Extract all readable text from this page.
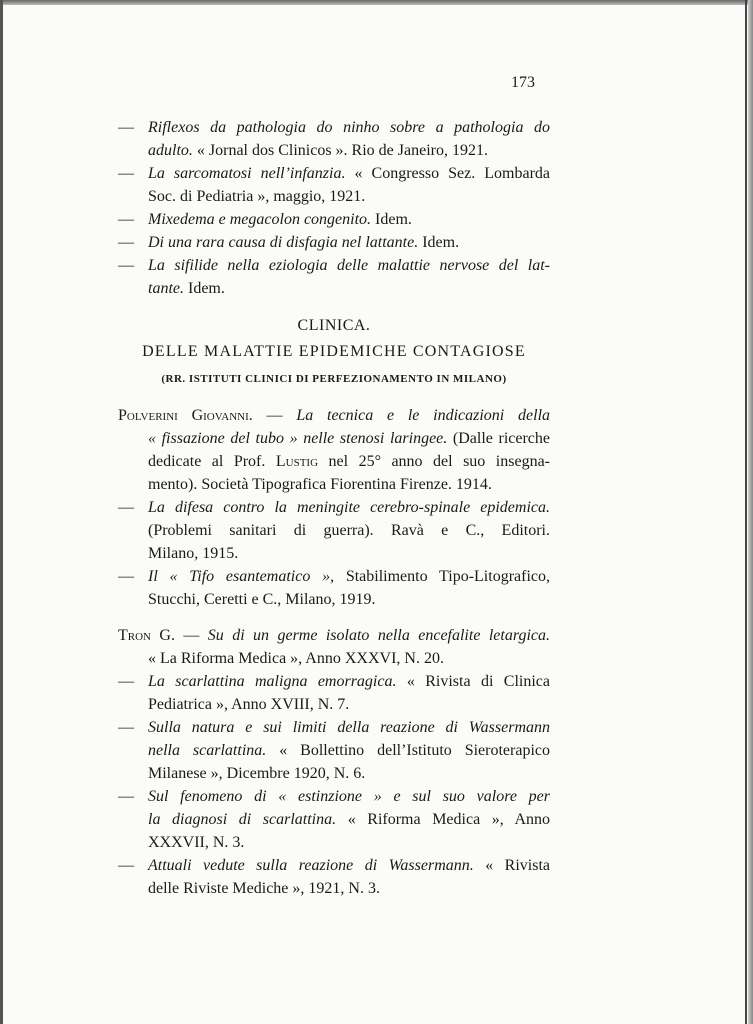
173
— Riflexos da pathologia do ninho sobre a pathologia do
adulto. « Jornal dos Clinicos ». Rio de Janeiro, 1921.
— La sarcomatosi nell’infanzia. « Congresso Sez. Lombarda
Soc. di Pediatria », maggio, 1921.
— Mixedema e megacolon congenito. Idem.
— Di una rara causa di disfagia nel lattante. Idem.
— La sifilide nella eziologia delle malattie nervose del lat-
tante. Idem.
CLINICA.
DELLE MALATTIE EPIDEMICHE CONTAGIOSE
(RR. ISTITUTI CLINICI DI PERFEZIONAMENTO IN MILANO)
Polverini Giovanni. — La tecnica e le indicazioni della
« fissazione del tubo » nelle stenosi laringee. (Dalle ricerche
dedicate al Prof. Lustig nel 25° anno del suo insegna-
mento). Società Tipografica Fiorentina Firenze. 1914.
— La difesa contro la meningite cerebro-spinale epidemica.
(Problemi sanitari di guerra). Ravà e C., Editori.
Milano, 1915.
— Il « Tifo esantematico », Stabilimento Tipo-Litografico,
Stucchi, Ceretti e C., Milano, 1919.
Tron G. — Su di un germe isolato nella encefalite letargica.
« La Riforma Medica », Anno XXXVI, N. 20.
— La scarlattina maligna emorragica. « Rivista di Clinica
Pediatrica », Anno XVIII, N. 7.
— Sulla natura e sui limiti della reazione di Wassermann
nella scarlattina. « Bollettino dell’Istituto Sieroterapico
Milanese », Dicembre 1920, N. 6.
— Sul fenomeno di « estinzione » e sul suo valore per
la diagnosi di scarlattina. « Riforma Medica », Anno
XXXVII, N. 3.
— Attuali vedute sulla reazione di Wassermann. « Rivista
delle Riviste Mediche », 1921, N. 3.
